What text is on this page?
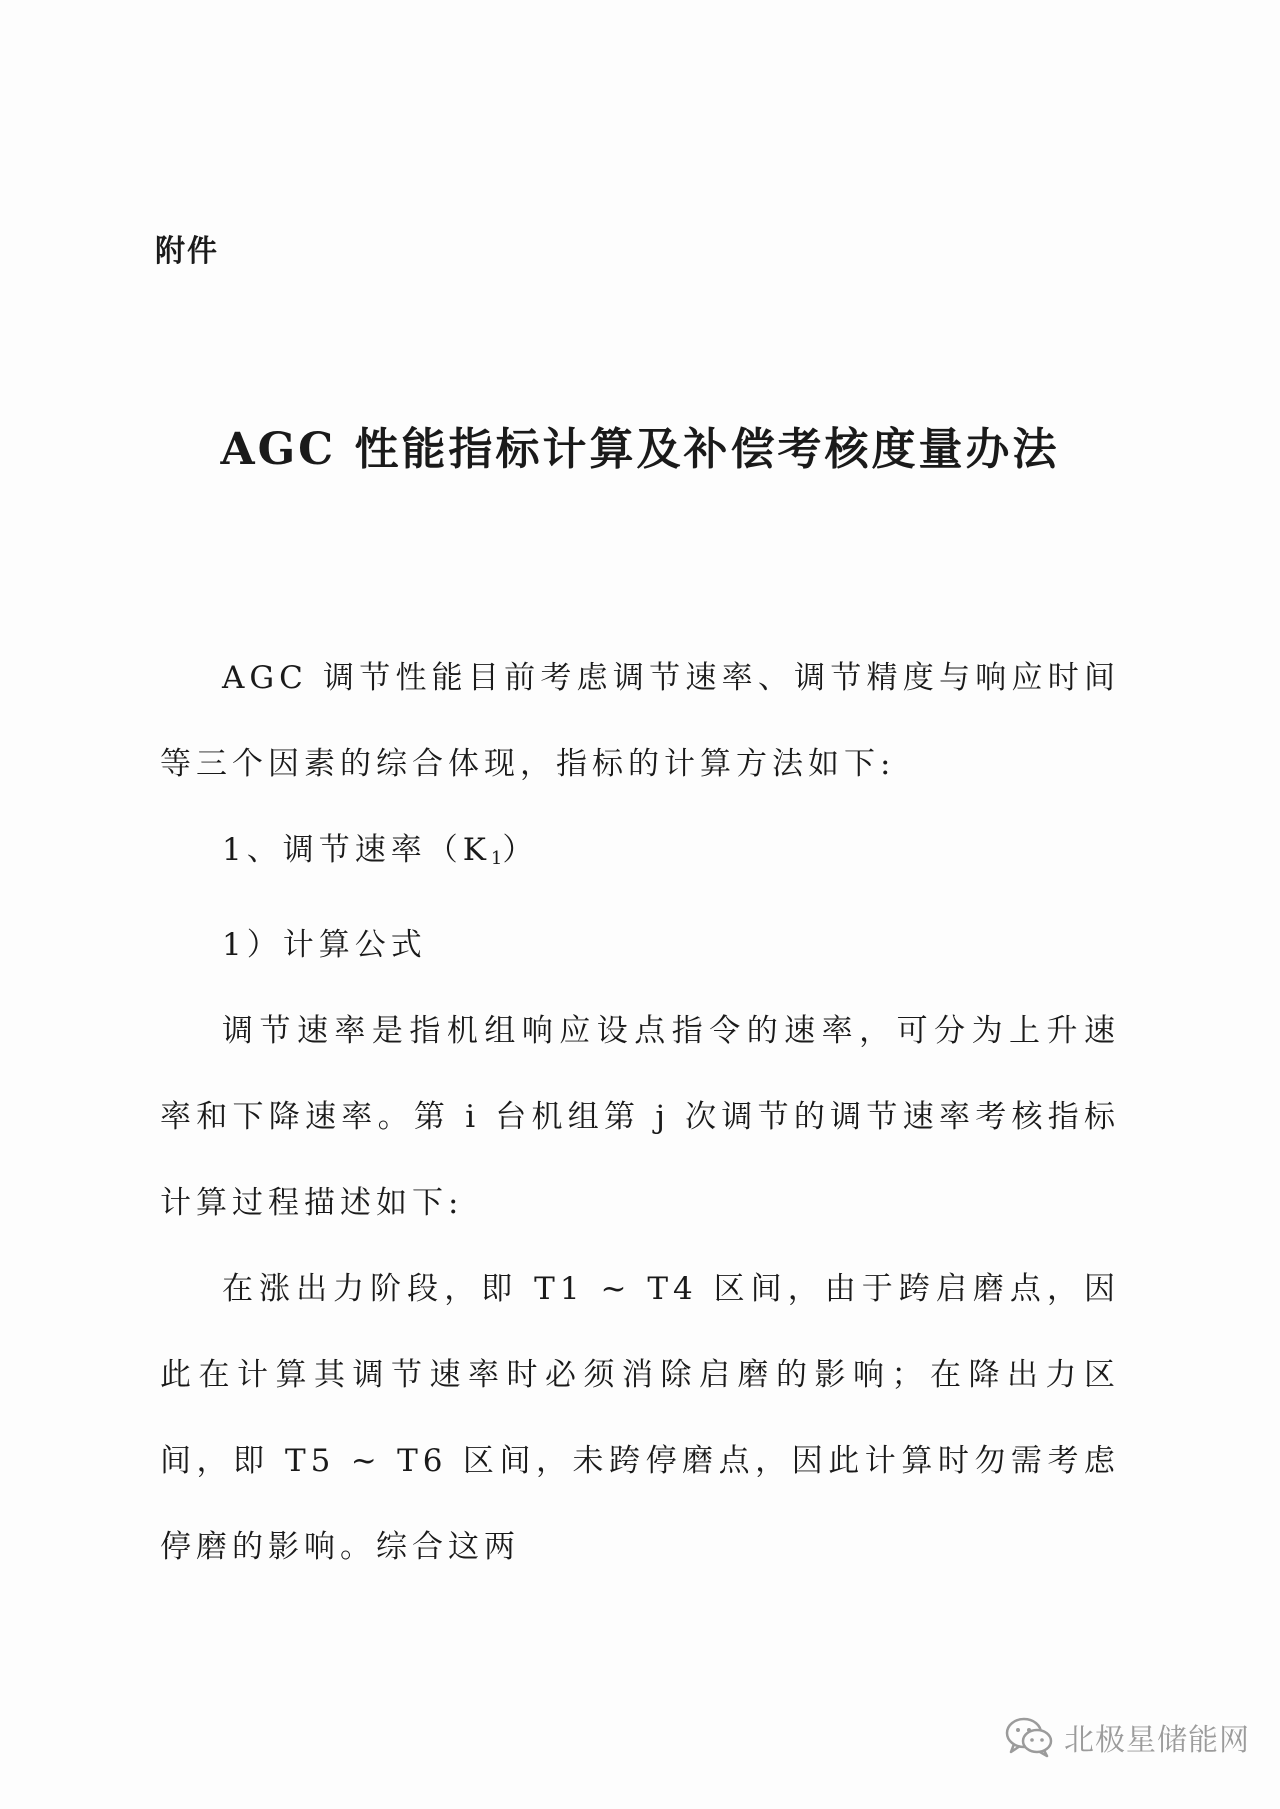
附件
AGC 性能指标计算及补偿考核度量办法

AGC 调节性能目前考虑调节速率、调节精度与响应时间等三个因素的综合体现，指标的计算方法如下:

1、调节速率$(K_1)$

1）计算公式

调节速率是指机组响应设点指令的速率，可分为上升速率和下降速率。第 i 台机组第 j 次调节的调节速率考核指标计算过程描述如下:

在涨出力阶段，即 T1 ~ T4 区间，由于跨启磨点，因此在计算其调节速率时必须消除启磨的影响；在降出力区间，即 T5 ~ T6 区间，未跨停磨点，因此计算时勿需考虑停磨的影响。综合这两

北极星储能网
